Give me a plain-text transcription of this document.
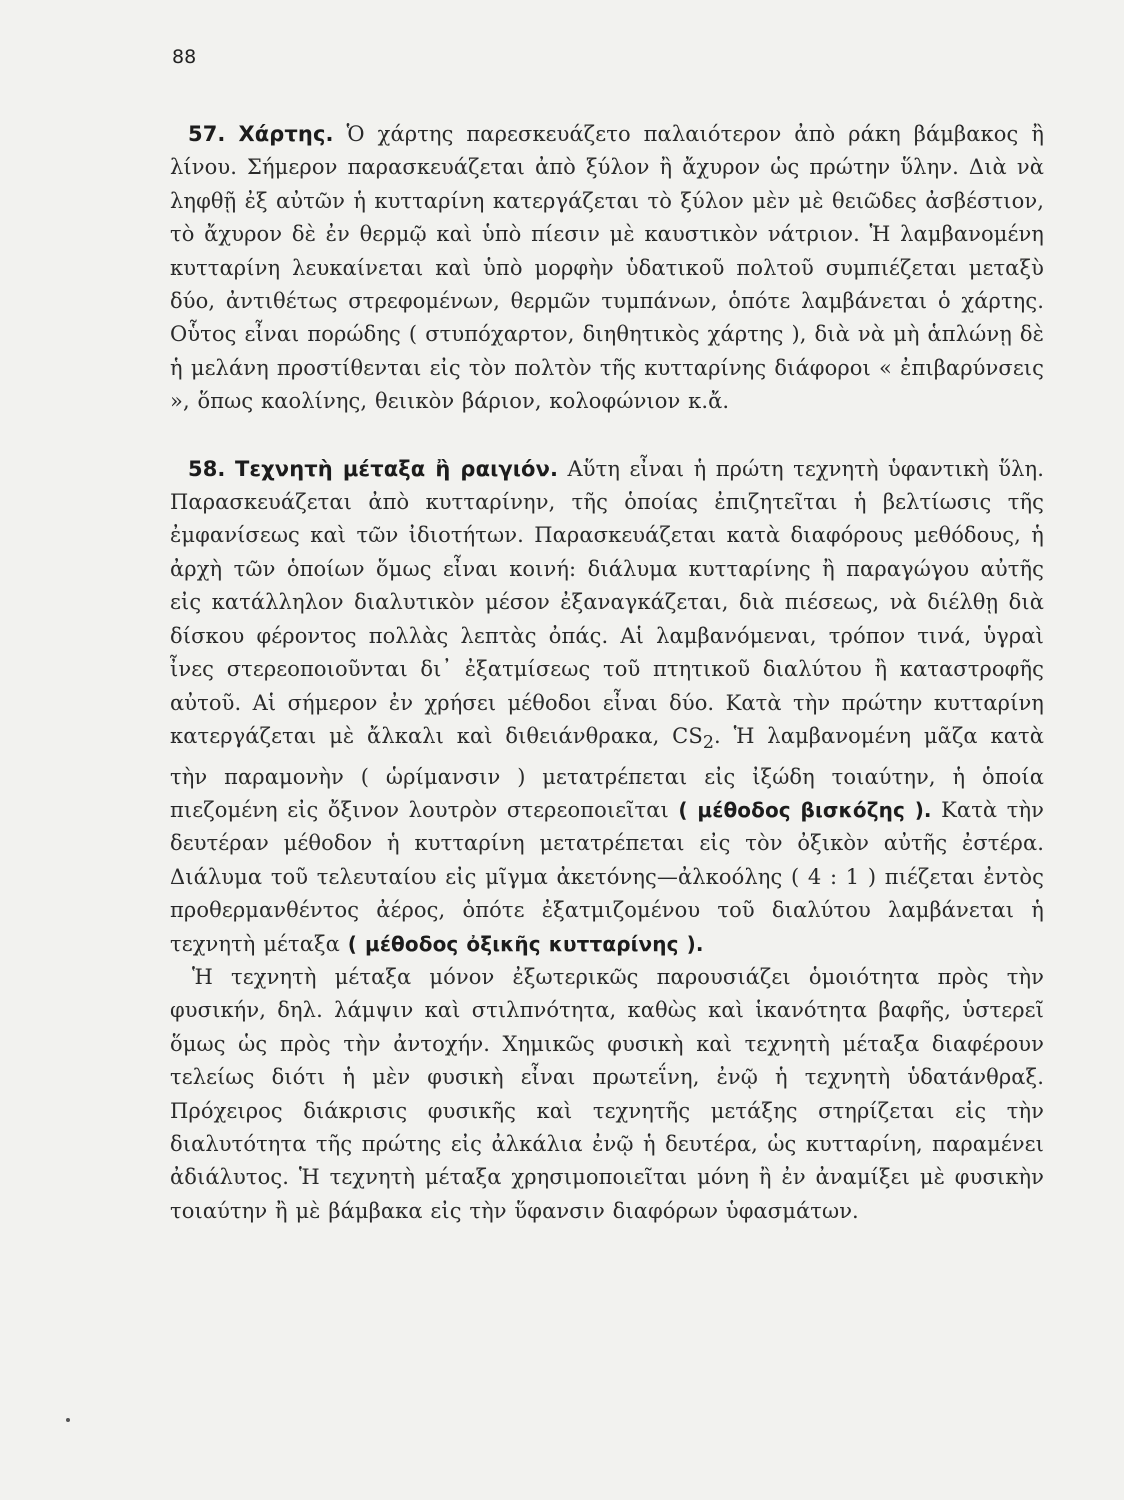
88

57. Χάρτης. Ὁ χάρτης παρεσκευάζετο παλαιότερον ἀπὸ ράκη βάμβακος ἢ λίνου. Σήμερον παρασκευάζεται ἀπὸ ξύλον ἢ ἄχυρον ὡς πρώτην ὕλην. Διὰ νὰ ληφθῇ ἐξ αὐτῶν ἡ κυτταρίνη κατεργάζεται τὸ ξύλον μὲν μὲ θειῶδες ἀσβέστιον, τὸ ἄχυρον δὲ ἐν θερμῷ καὶ ὑπὸ πίεσιν μὲ καυστικὸν νάτριον. Ἡ λαμβανομένη κυτταρίνη λευκαίνεται καὶ ὑπὸ μορφὴν ὑδατικοῦ πολτοῦ συμπιέζεται μεταξὺ δύο, ἀντιθέτως στρεφομένων, θερμῶν τυμπάνων, ὁπότε λαμβάνεται ὁ χάρτης. Οὗτος εἶναι πορώδης ( στυπόχαρτον, διηθητικὸς χάρτης ), διὰ νὰ μὴ ἁπλώνῃ δὲ ἡ μελάνη προστίθενται εἰς τὸν πολτὸν τῆς κυτταρίνης διάφοροι « ἐπιβαρύνσεις », ὅπως καολίνης, θειικὸν βάριον, κολοφώνιον κ.ἄ.

58. Τεχνητὴ μέταξα ἢ ραιγιόν. Αὕτη εἶναι ἡ πρώτη τεχνητὴ ὑφαντικὴ ὕλη. Παρασκευάζεται ἀπὸ κυτταρίνην, τῆς ὁποίας ἐπιζητεῖται ἡ βελτίωσις τῆς ἐμφανίσεως καὶ τῶν ἰδιοτήτων. Παρασκευάζεται κατὰ διαφόρους μεθόδους, ἡ ἀρχὴ τῶν ὁποίων ὅμως εἶναι κοινή: διάλυμα κυτταρίνης ἢ παραγώγου αὐτῆς εἰς κατάλληλον διαλυτικὸν μέσον ἐξαναγκάζεται, διὰ πιέσεως, νὰ διέλθῃ διὰ δίσκου φέροντος πολλὰς λεπτὰς ὀπάς. Αἱ λαμβανόμεναι, τρόπον τινά, ὑγραὶ ἶνες στερεοποιοῦνται δι᾽ ἐξατμίσεως τοῦ πτητικοῦ διαλύτου ἢ καταστροφῆς αὐτοῦ. Αἱ σήμερον ἐν χρήσει μέθοδοι εἶναι δύο. Κατὰ τὴν πρώτην κυτταρίνη κατεργάζεται μὲ ἄλκαλι καὶ διθειάνθρακα, $CS_2$. Ἡ λαμβανομένη μᾶζα κατὰ τὴν παραμονὴν ( ὡρίμανσιν ) μετατρέπεται εἰς ἰξώδη τοιαύτην, ἡ ὁποία πιεζομένη εἰς ὄξινον λουτρὸν στερεοποιεῖται ( μέθοδος βισκόζης ). Κατὰ τὴν δευτέραν μέθοδον ἡ κυτταρίνη μετατρέπεται εἰς τὸν ὀξικὸν αὐτῆς ἐστέρα. Διάλυμα τοῦ τελευταίου εἰς μῖγμα ἀκετόνης—ἀλκοόλης ( 4 : 1 ) πιέζεται ἐντὸς προθερμανθέντος ἀέρος, ὁπότε ἐξατμιζομένου τοῦ διαλύτου λαμβάνεται ἡ τεχνητὴ μέταξα ( μέθοδος ὀξικῆς κυτταρίνης ).

Ἡ τεχνητὴ μέταξα μόνον ἐξωτερικῶς παρουσιάζει ὁμοιότητα πρὸς τὴν φυσικήν, δηλ. λάμψιν καὶ στιλπνότητα, καθὼς καὶ ἱκανότητα βαφῆς, ὑστερεῖ ὅμως ὡς πρὸς τὴν ἀντοχήν. Χημικῶς φυσικὴ καὶ τεχνητὴ μέταξα διαφέρουν τελείως διότι ἡ μὲν φυσικὴ εἶναι πρωτεΐνη, ἐνῷ ἡ τεχνητὴ ὑδατάνθραξ. Πρόχειρος διάκρισις φυσικῆς καὶ τεχνητῆς μετάξης στηρίζεται εἰς τὴν διαλυτότητα τῆς πρώτης εἰς ἀλκάλια ἐνῷ ἡ δευτέρα, ὡς κυτταρίνη, παραμένει ἀδιάλυτος. Ἡ τεχνητὴ μέταξα χρησιμοποιεῖται μόνη ἢ ἐν ἀναμίξει μὲ φυσικὴν τοιαύτην ἢ μὲ βάμβακα εἰς τὴν ὕφανσιν διαφόρων ὑφασμάτων.
